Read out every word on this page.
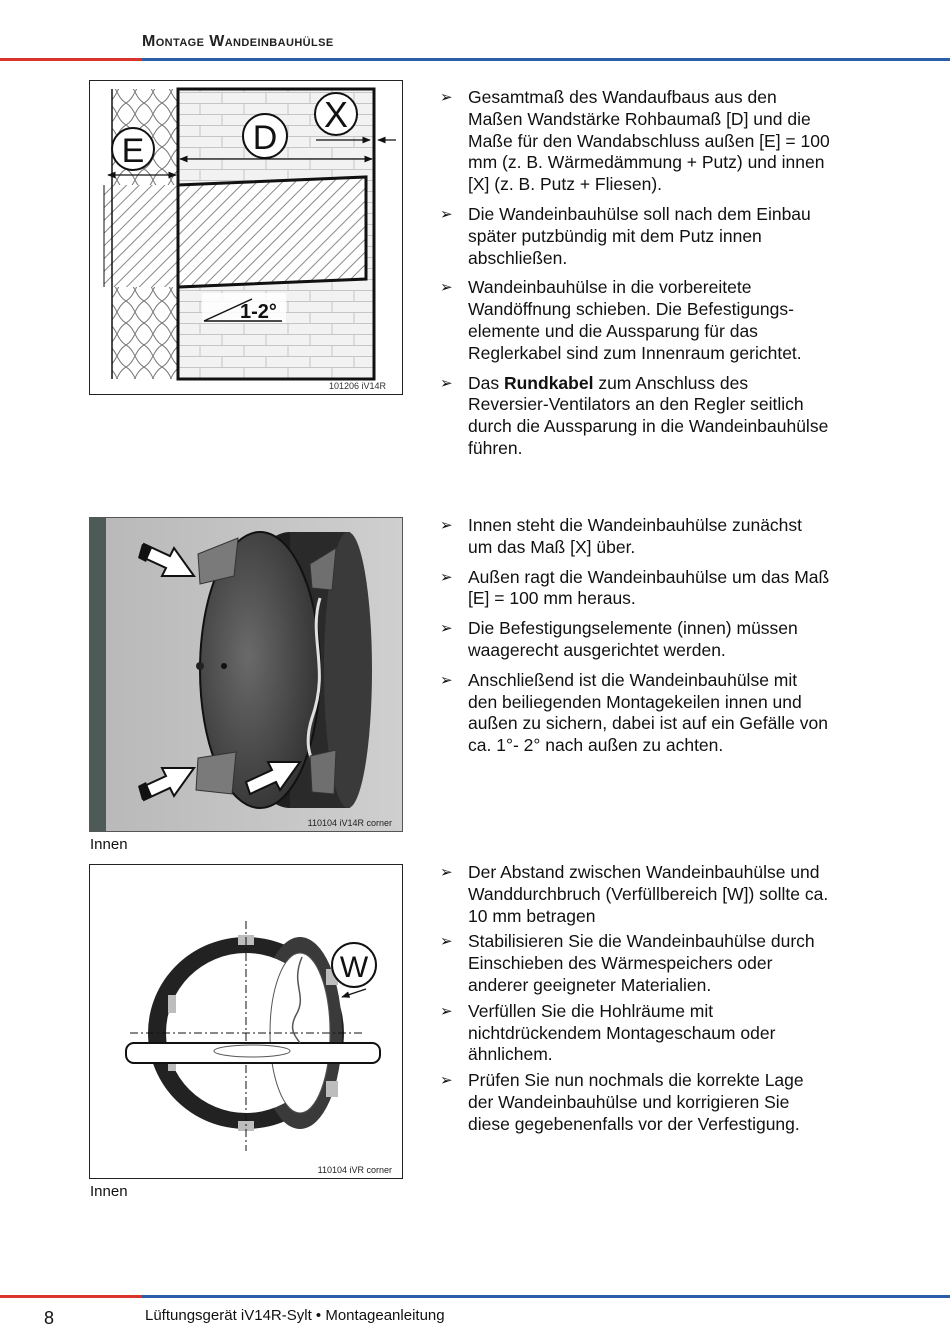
Montage Wandeinbauhülse
E	D
X
1-2°
101206 iV14R
110104 iV14R corner
Innen
W
110104 iVR corner
Innen
➢ Gesamtmaß des Wandaufbaus aus den Maßen Wandstärke Rohbaumaß [D] und die Maße für den Wandabschluss außen [E] = 100 mm (z. B. Wärmedämmung + Putz) und innen [X] (z. B. Putz + Fliesen).
➢ Die Wandeinbauhülse soll nach dem Einbau später putzbündig mit dem Putz innen abschließen.
➢ Wandeinbauhülse in die vorbereitete Wandöffnung schieben. Die Befestigungs-elemente und die Aussparung für das Reglerkabel sind zum Innenraum gerichtet.
➢ Das Rundkabel zum Anschluss des Reversier-Ventilators an den Regler seitlich durch die Aussparung in die Wandeinbauhülse führen.
➢ Innen steht die Wandeinbauhülse zunächst um das Maß [X] über.
➢ Außen ragt die Wandeinbauhülse um das Maß [E] = 100 mm heraus.
➢ Die Befestigungselemente (innen) müssen waagerecht ausgerichtet werden.
➢ Anschließend ist die Wandeinbauhülse mit den beiliegenden Montagekeilen innen und außen zu sichern, dabei ist auf ein Gefälle von ca. 1°- 2° nach außen zu achten.
➢ Der Abstand zwischen Wandeinbauhülse und Wanddurchbruch (Verfüllbereich [W]) sollte ca. 10 mm betragen
➢ Stabilisieren Sie die Wandeinbauhülse durch Einschieben des Wärmespeichers oder anderer geeigneter Materialien.
➢ Verfüllen Sie die Hohlräume mit nichtdrückendem Montageschaum oder ähnlichem.
➢ Prüfen Sie nun nochmals die korrekte Lage der Wandeinbauhülse und korrigieren Sie diese gegebenenfalls vor der Verfestigung.
8	Lüftungsgerät iV14R-Sylt • Montageanleitung
